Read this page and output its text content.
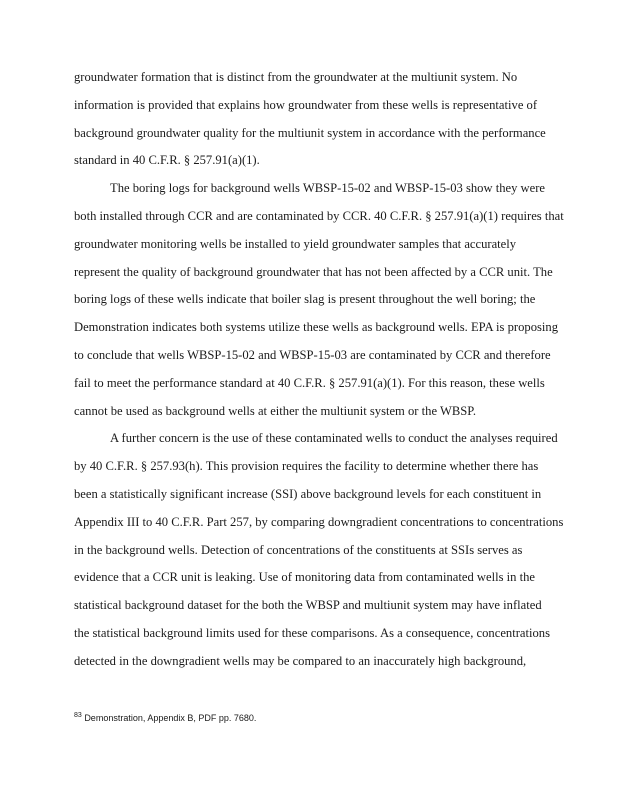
groundwater formation that is distinct from the groundwater at the multiunit system. No
information is provided that explains how groundwater from these wells is representative of
background groundwater quality for the multiunit system in accordance with the performance
standard in 40 C.F.R. § 257.91(a)(1).
The boring logs for background wells WBSP-15-02 and WBSP-15-03 show they were
both installed through CCR and are contaminated by CCR. 40 C.F.R. § 257.91(a)(1) requires that
groundwater monitoring wells be installed to yield groundwater samples that accurately
represent the quality of background groundwater that has not been affected by a CCR unit. The
boring logs of these wells indicate that boiler slag is present throughout the well boring; the
Demonstration indicates both systems utilize these wells as background wells. EPA is proposing
to conclude that wells WBSP-15-02 and WBSP-15-03 are contaminated by CCR and therefore
fail to meet the performance standard at 40 C.F.R. § 257.91(a)(1). For this reason, these wells
cannot be used as background wells at either the multiunit system or the WBSP.
A further concern is the use of these contaminated wells to conduct the analyses required
by 40 C.F.R. § 257.93(h). This provision requires the facility to determine whether there has
been a statistically significant increase (SSI) above background levels for each constituent in
Appendix III to 40 C.F.R. Part 257, by comparing downgradient concentrations to concentrations
in the background wells. Detection of concentrations of the constituents at SSIs serves as
evidence that a CCR unit is leaking. Use of monitoring data from contaminated wells in the
statistical background dataset for the both the WBSP and multiunit system may have inflated
the statistical background limits used for these comparisons. As a consequence, concentrations
detected in the downgradient wells may be compared to an inaccurately high background,
$^{83}$ Demonstration, Appendix B, PDF pp. 7680.
